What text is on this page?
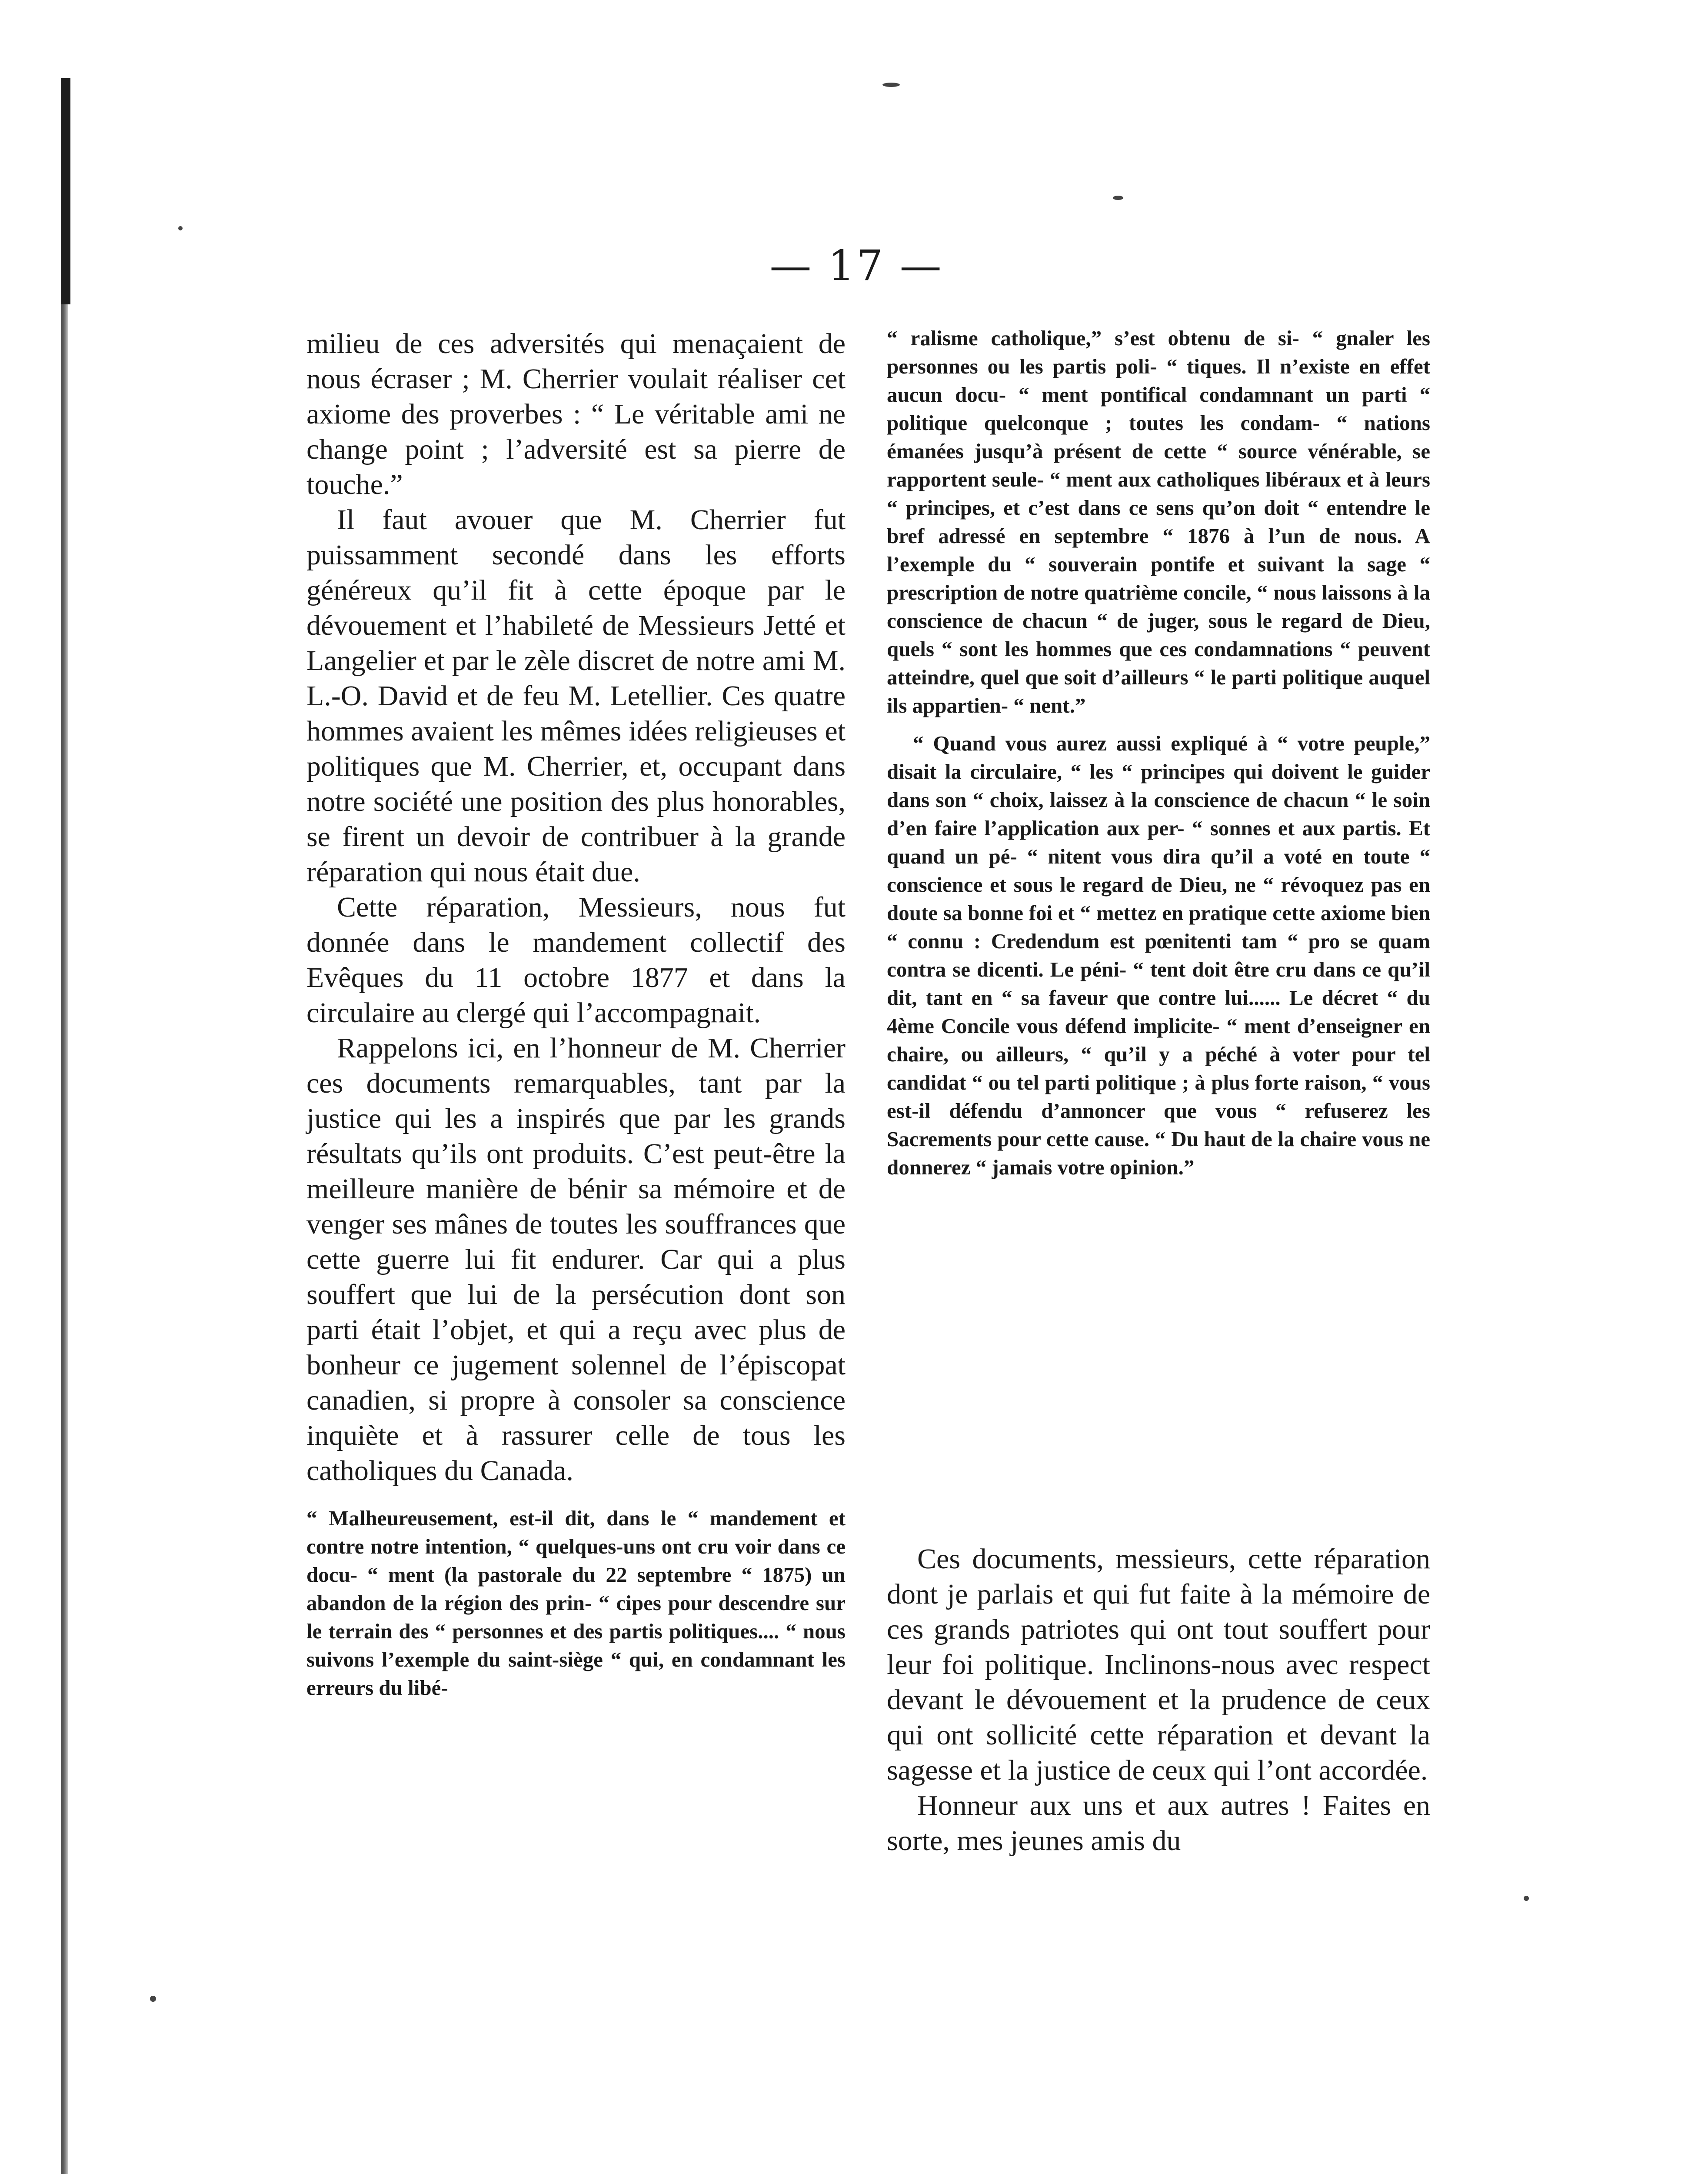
— 17 —

milieu de ces adversités qui menaçaient de nous écraser ; M. Cherrier voulait réaliser cet axiome des proverbes : “ Le véritable ami ne change point ; l’adversité est sa pierre de touche.”

Il faut avouer que M. Cherrier fut puissamment secondé dans les efforts généreux qu’il fit à cette époque par le dévouement et l’habileté de Messieurs Jetté et Langelier et par le zèle discret de notre ami M. L.-O. David et de feu M. Letellier. Ces quatre hommes avaient les mêmes idées religieuses et politiques que M. Cherrier, et, occupant dans notre société une position des plus honorables, se firent un devoir de contribuer à la grande réparation qui nous était due.

Cette réparation, Messieurs, nous fut donnée dans le mandement collectif des Evêques du 11 octobre 1877 et dans la circulaire au clergé qui l’accompagnait.

Rappelons ici, en l’honneur de M. Cherrier ces documents remarquables, tant par la justice qui les a inspirés que par les grands résultats qu’ils ont produits. C’est peut-être la meilleure manière de bénir sa mémoire et de venger ses mânes de toutes les souffrances que cette guerre lui fit endurer. Car qui a plus souffert que lui de la persécution dont son parti était l’objet, et qui a reçu avec plus de bonheur ce jugement solennel de l’épiscopat canadien, si propre à consoler sa conscience inquiète et à rassurer celle de tous les catholiques du Canada.

“ Malheureusement, est-il dit, dans le “ mandement et contre notre intention, “ quelques-uns ont cru voir dans ce docu- “ ment (la pastorale du 22 septembre “ 1875) un abandon de la région des prin- “ cipes pour descendre sur le terrain des “ personnes et des partis politiques.... “ nous suivons l’exemple du saint-siège “ qui, en condamnant les erreurs du libé-

“ ralisme catholique,” s’est obtenu de si- “ gnaler les personnes ou les partis poli- “ tiques. Il n’existe en effet aucun docu- “ ment pontifical condamnant un parti “ politique quelconque ; toutes les condam- “ nations émanées jusqu’à présent de cette “ source vénérable, se rapportent seule- “ ment aux catholiques libéraux et à leurs “ principes, et c’est dans ce sens qu’on doit “ entendre le bref adressé en septembre “ 1876 à l’un de nous. A l’exemple du “ souverain pontife et suivant la sage “ prescription de notre quatrième concile, “ nous laissons à la conscience de chacun “ de juger, sous le regard de Dieu, quels “ sont les hommes que ces condamnations “ peuvent atteindre, quel que soit d’ailleurs “ le parti politique auquel ils appartien- “ nent.”

“ Quand vous aurez aussi expliqué à “ votre peuple,” disait la circulaire, “ les “ principes qui doivent le guider dans son “ choix, laissez à la conscience de chacun “ le soin d’en faire l’application aux per- “ sonnes et aux partis. Et quand un pé- “ nitent vous dira qu’il a voté en toute “ conscience et sous le regard de Dieu, ne “ révoquez pas en doute sa bonne foi et “ mettez en pratique cette axiome bien “ connu : Credendum est pœnitenti tam “ pro se quam contra se dicenti. Le péni- “ tent doit être cru dans ce qu’il dit, tant en “ sa faveur que contre lui...... Le décret “ du 4ème Concile vous défend implicite- “ ment d’enseigner en chaire, ou ailleurs, “ qu’il y a péché à voter pour tel candidat “ ou tel parti politique ; à plus forte raison, “ vous est-il défendu d’annoncer que vous “ refuserez les Sacrements pour cette cause. “ Du haut de la chaire vous ne donnerez “ jamais votre opinion.”

Ces documents, messieurs, cette réparation dont je parlais et qui fut faite à la mémoire de ces grands patriotes qui ont tout souffert pour leur foi politique. Inclinons-nous avec respect devant le dévouement et la prudence de ceux qui ont sollicité cette réparation et devant la sagesse et la justice de ceux qui l’ont accordée.

Honneur aux uns et aux autres ! Faites en sorte, mes jeunes amis du
